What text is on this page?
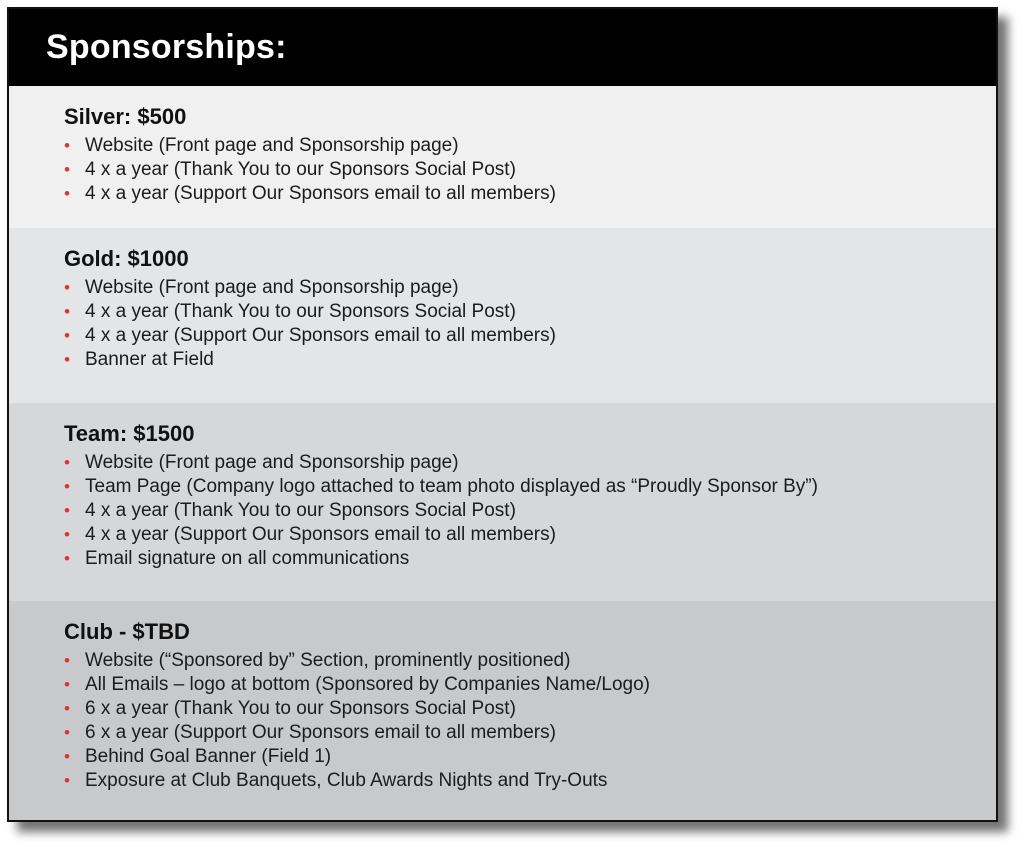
Sponsorships:
Silver: $500
• Website (Front page and Sponsorship page)
• 4 x a year (Thank You to our Sponsors Social Post)
• 4 x a year (Support Our Sponsors email to all members)
Gold: $1000
• Website (Front page and Sponsorship page)
• 4 x a year (Thank You to our Sponsors Social Post)
• 4 x a year (Support Our Sponsors email to all members)
• Banner at Field
Team: $1500
• Website (Front page and Sponsorship page)
• Team Page (Company logo attached to team photo displayed as “Proudly Sponsor By”)
• 4 x a year (Thank You to our Sponsors Social Post)
• 4 x a year (Support Our Sponsors email to all members)
• Email signature on all communications
Club - $TBD
• Website (“Sponsored by” Section, prominently positioned)
• All Emails – logo at bottom (Sponsored by Companies Name/Logo)
• 6 x a year (Thank You to our Sponsors Social Post)
• 6 x a year (Support Our Sponsors email to all members)
• Behind Goal Banner (Field 1)
• Exposure at Club Banquets, Club Awards Nights and Try-Outs
